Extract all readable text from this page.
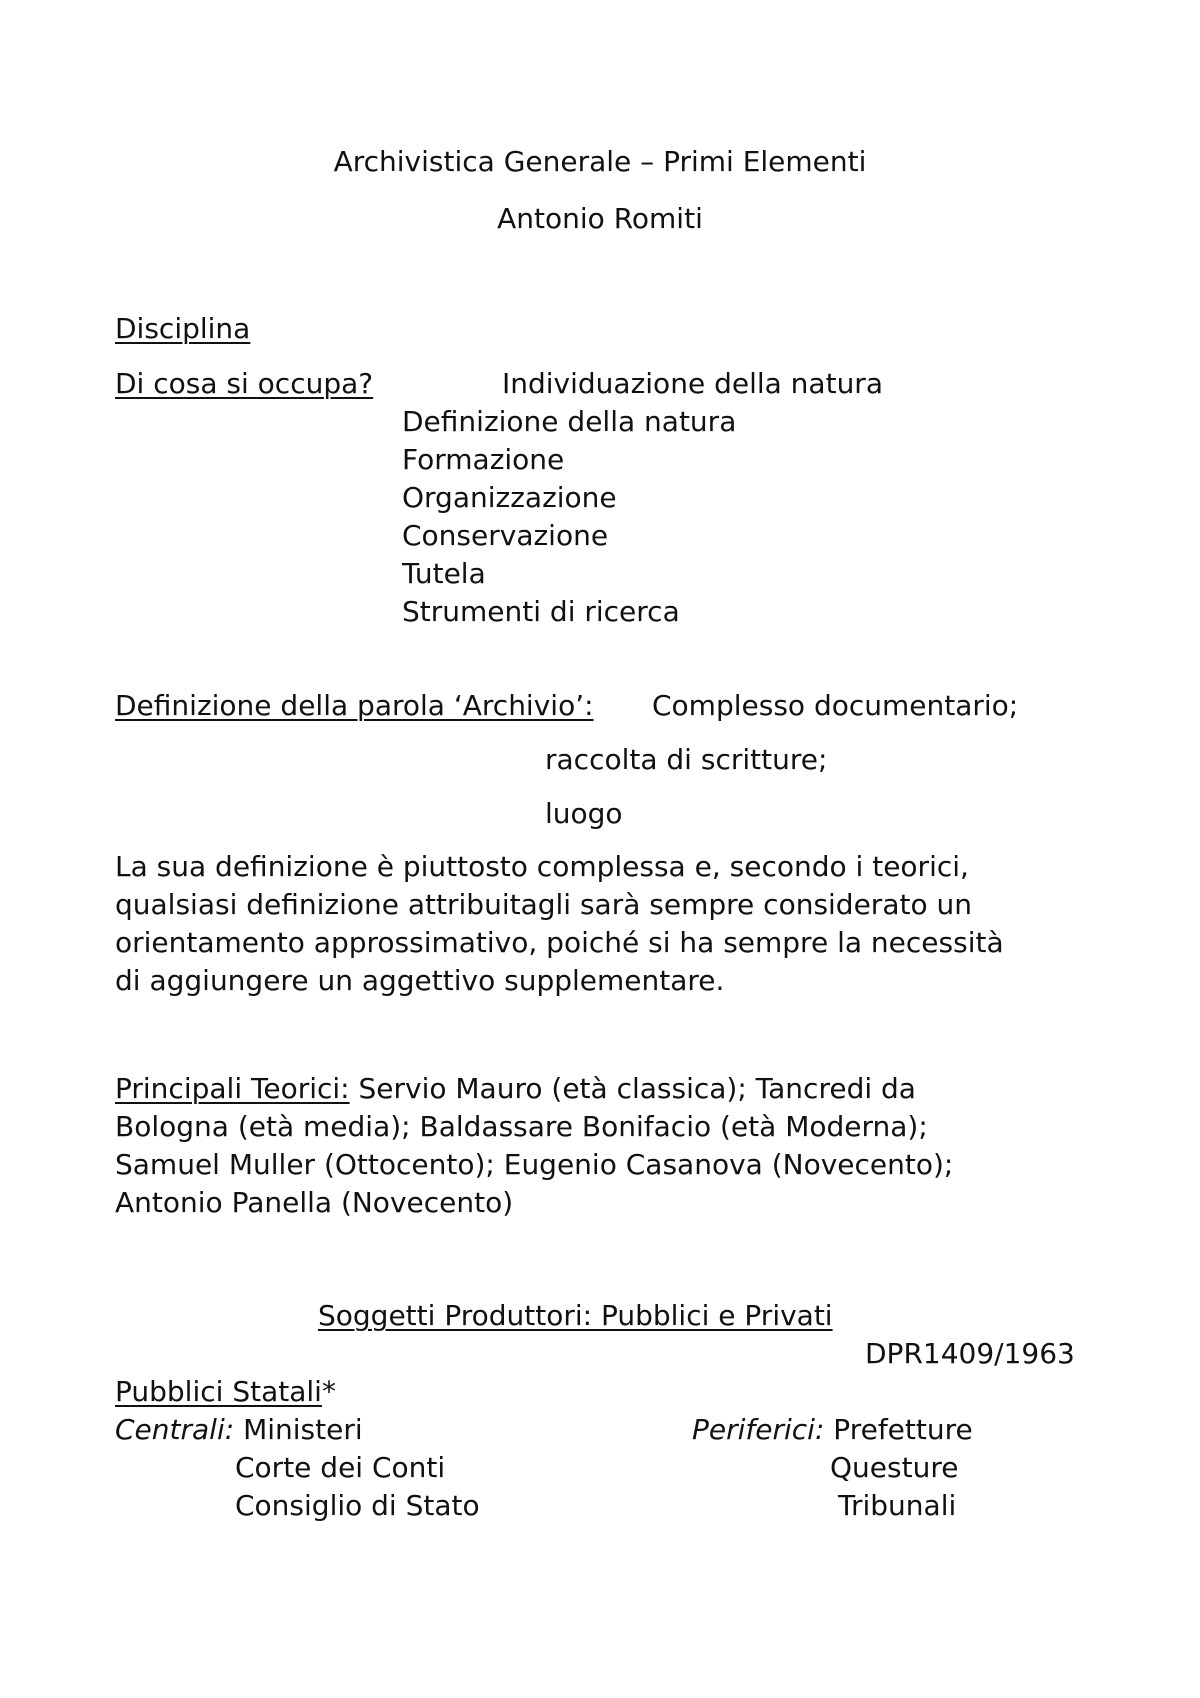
Archivistica Generale – Primi Elementi
Antonio Romiti
Disciplina
Di cosa si occupa?	Individuazione della natura
Definizione della natura
Formazione
Organizzazione
Conservazione
Tutela
Strumenti di ricerca
Definizione della parola ‘Archivio’: Complesso documentario;
raccolta di scritture;
luogo
La sua definizione è piuttosto complessa e, secondo i teorici,
qualsiasi definizione attribuitagli sarà sempre considerato un
orientamento approssimativo, poiché si ha sempre la necessità
di aggiungere un aggettivo supplementare.
Principali Teorici: Servio Mauro (età classica); Tancredi da
Bologna (età media); Baldassare Bonifacio (età Moderna);
Samuel Muller (Ottocento); Eugenio Casanova (Novecento);
Antonio Panella (Novecento)
Soggetti Produttori: Pubblici e Privati
DPR1409/1963
Pubblici Statali*
Centrali: Ministeri
Corte dei Conti
Consiglio di Stato
Periferici: Prefetture
Questure
Tribunali
